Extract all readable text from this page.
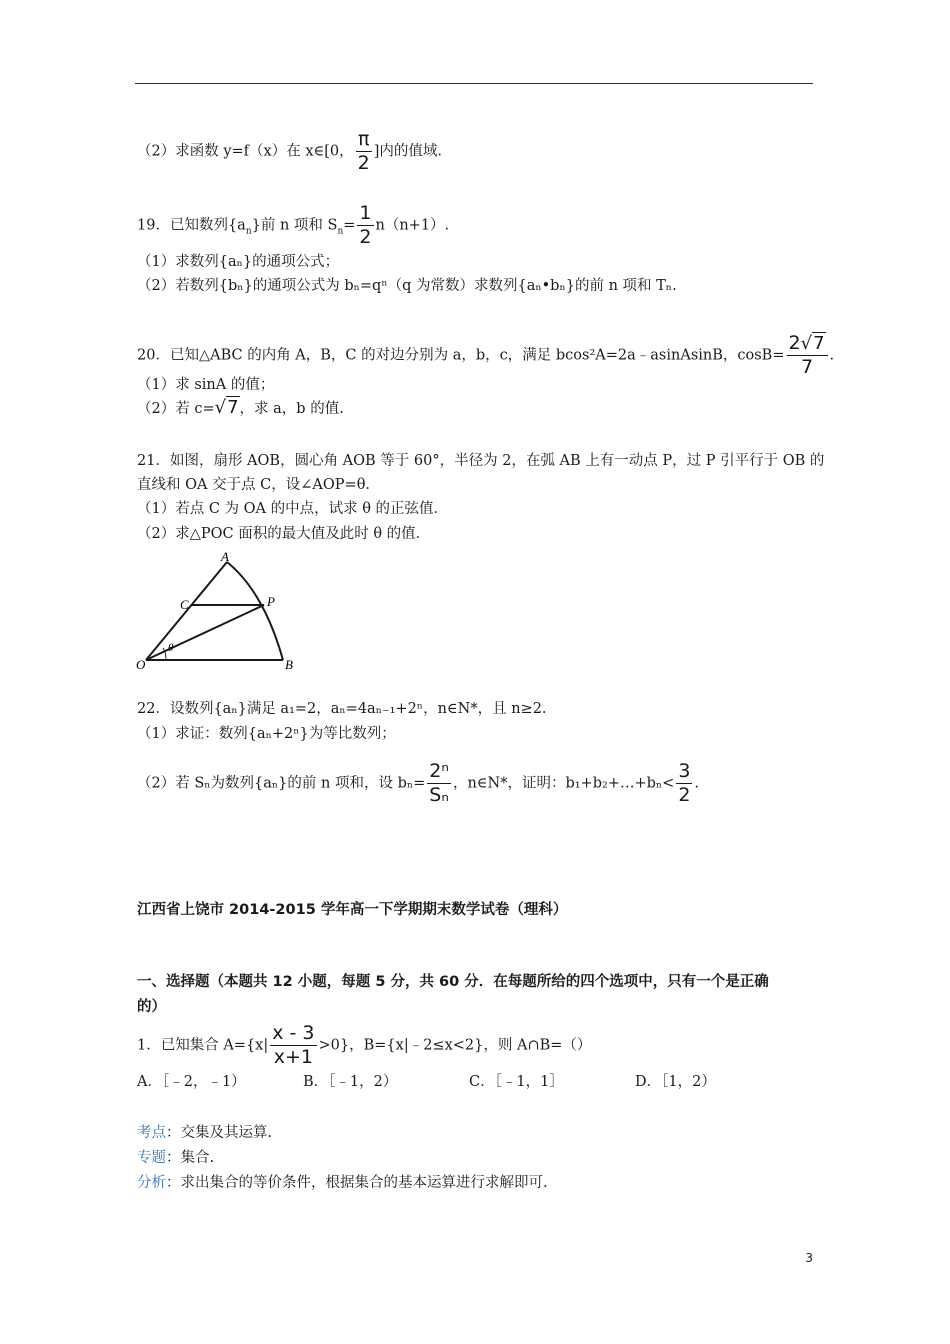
（2）求函数 y=f（x）在 x∈[0， $\frac{\pi}{2}$ ]内的值域.
19．已知数列$\{a_n\}$前 n 项和 $S_n= \frac{1}{2} n(n+1)$.
（1）求数列{aₙ}的通项公式；
（2）若数列{bₙ}的通项公式为 bₙ=qⁿ（q 为常数）求数列{aₙ•bₙ}的前 n 项和 Tₙ.
20．已知△ABC 的内角 A，B，C 的对边分别为 a，b，c，满足 bcos²A=2a﹣asinAsinB，$\cos B= \frac{2√7}{7}$ .
（1）求 sinA 的值；
（2）若 c=√7，求 a，b 的值.
21．如图，扇形 AOB，圆心角 AOB 等于 60°，半径为 2，在弧 AB 上有一动点 P，过 P 引平行于 OB 的
直线和 OA 交于点 C，设∠AOP=θ．
（1）若点 C 为 OA 的中点，试求 θ 的正弦值．
（2）求△POC 面积的最大值及此时 θ 的值．
A
C	P
O	B
θ
22．设数列{aₙ}满足 a₁=2，aₙ=4aₙ₋₁+2ⁿ，n∈N*，且 n≥2.
（1）求证：数列{aₙ+2ⁿ}为等比数列；
（2）若 Sₙ为数列{aₙ}的前 n 项和，设 $b_n= \frac{\text{2ⁿ}}{\text{Sₙ}}$ ，n∈N*，证明：b₁+b₂+…+bₙ< $\frac{3}{2}$ .
江西省上饶市 2014-2015 学年高一下学期期末数学试卷（理科）
一、选择题（本题共 12 小题，每题 5 分，共 60 分．在每题所给的四个选项中，只有一个是正确
的）
1．已知集合 $A=\{x| \frac{x - 3}{x+1} >0\}$，B={x|﹣2≤x<2}，则 A∩B=（）
A．［﹣2，﹣1）	B．［﹣1，2）	C．［﹣1，1］	D．［1，2）
考点：交集及其运算.
专题：集合.
分析：求出集合的等价条件，根据集合的基本运算进行求解即可.
3
